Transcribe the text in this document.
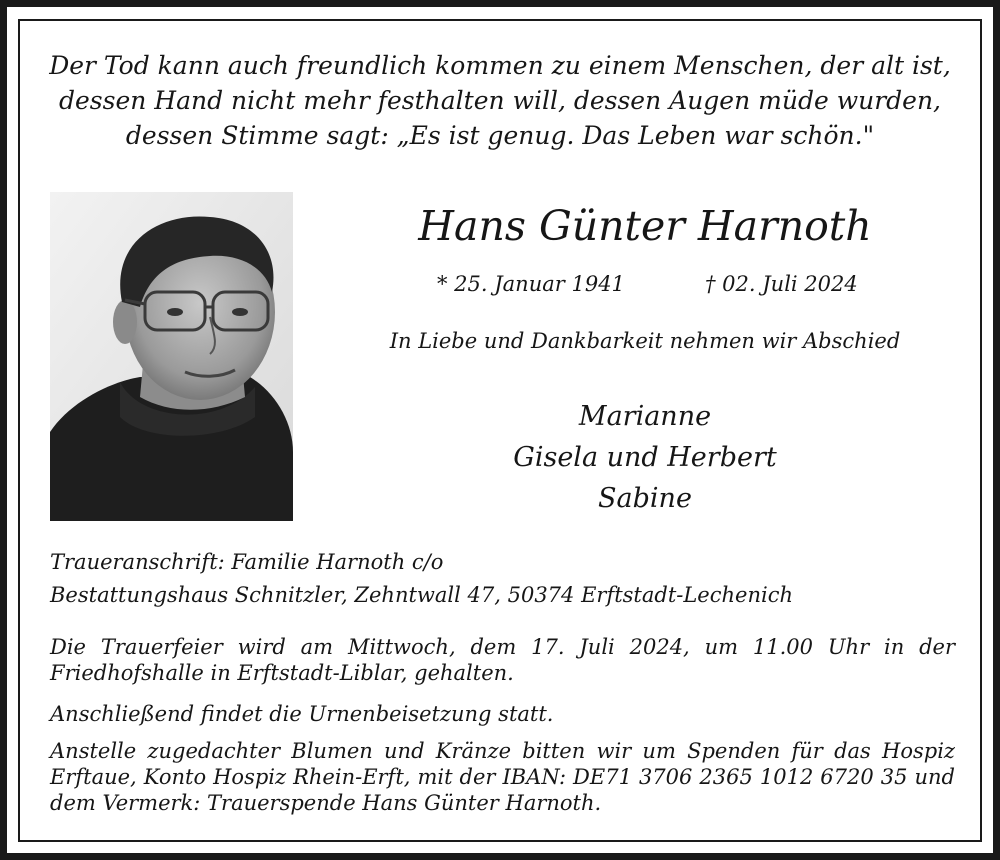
Der Tod kann auch freundlich kommen zu einem Menschen, der alt ist,
dessen Hand nicht mehr festhalten will, dessen Augen müde wurden,
dessen Stimme sagt: „Es ist genug. Das Leben war schön."
Hans Günter Harnoth
* 25. Januar 1941	† 02. Juli 2024
In Liebe und Dankbarkeit nehmen wir Abschied
Marianne
Gisela und Herbert
Sabine
Traueranschrift: Familie Harnoth c/o
Bestattungshaus Schnitzler, Zehntwall 47, 50374 Erftstadt-Lechenich
Die Trauerfeier wird am Mittwoch, dem 17. Juli 2024, um 11.00 Uhr in der
Friedhofshalle in Erftstadt-Liblar, gehalten.
Anschließend findet die Urnenbeisetzung statt.
Anstelle zugedachter Blumen und Kränze bitten wir um Spenden für das Hospiz
Erftaue, Konto Hospiz Rhein-Erft, mit der IBAN: DE71 3706 2365 1012 6720 35 und
dem Vermerk: Trauerspende Hans Günter Harnoth.
